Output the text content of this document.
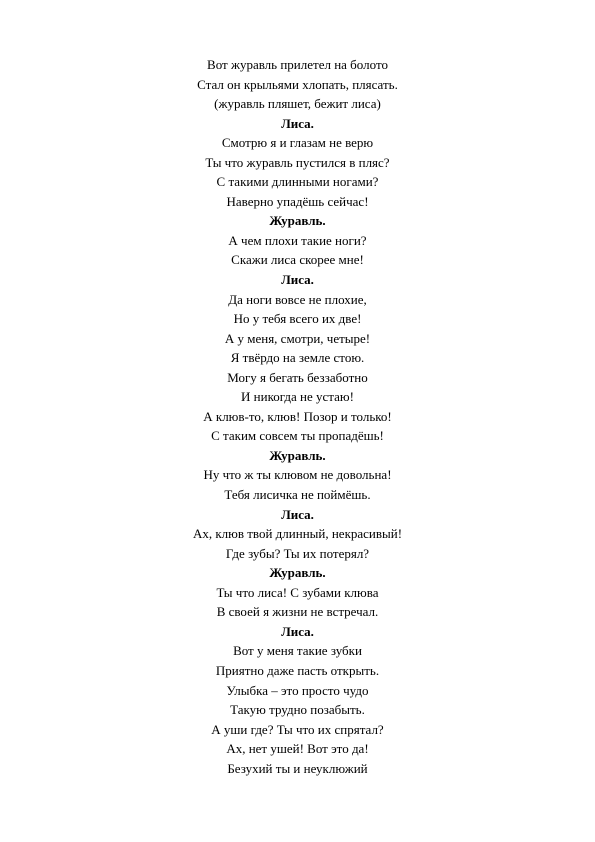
Вот журавль прилетел на болото
Стал он крыльями хлопать, плясать.
(журавль пляшет, бежит лиса)
Лиса.
Смотрю я и глазам не верю
Ты что журавль пустился в пляс?
С такими длинными ногами?
Наверно упадёшь сейчас!
Журавль.
А чем плохи такие ноги?
Скажи лиса скорее мне!
Лиса.
Да ноги вовсе не плохие,
Но у тебя всего их две!
А у меня, смотри, четыре!
Я твёрдо на земле стою.
Могу я бегать беззаботно
И никогда не устаю!
А клюв-то, клюв! Позор и только!
С таким совсем ты пропадёшь!
Журавль.
Ну что ж ты клювом не довольна!
Тебя лисичка не поймёшь.
Лиса.
Ах, клюв твой длинный, некрасивый!
Где зубы? Ты их потерял?
Журавль.
Ты что лиса! С зубами клюва
В своей я жизни не встречал.
Лиса.
Вот у меня такие зубки
Приятно даже пасть открыть.
Улыбка – это просто чудо
Такую трудно позабыть.
А уши где? Ты что их спрятал?
Ах, нет ушей! Вот это да!
Безухий ты и неуклюжий
